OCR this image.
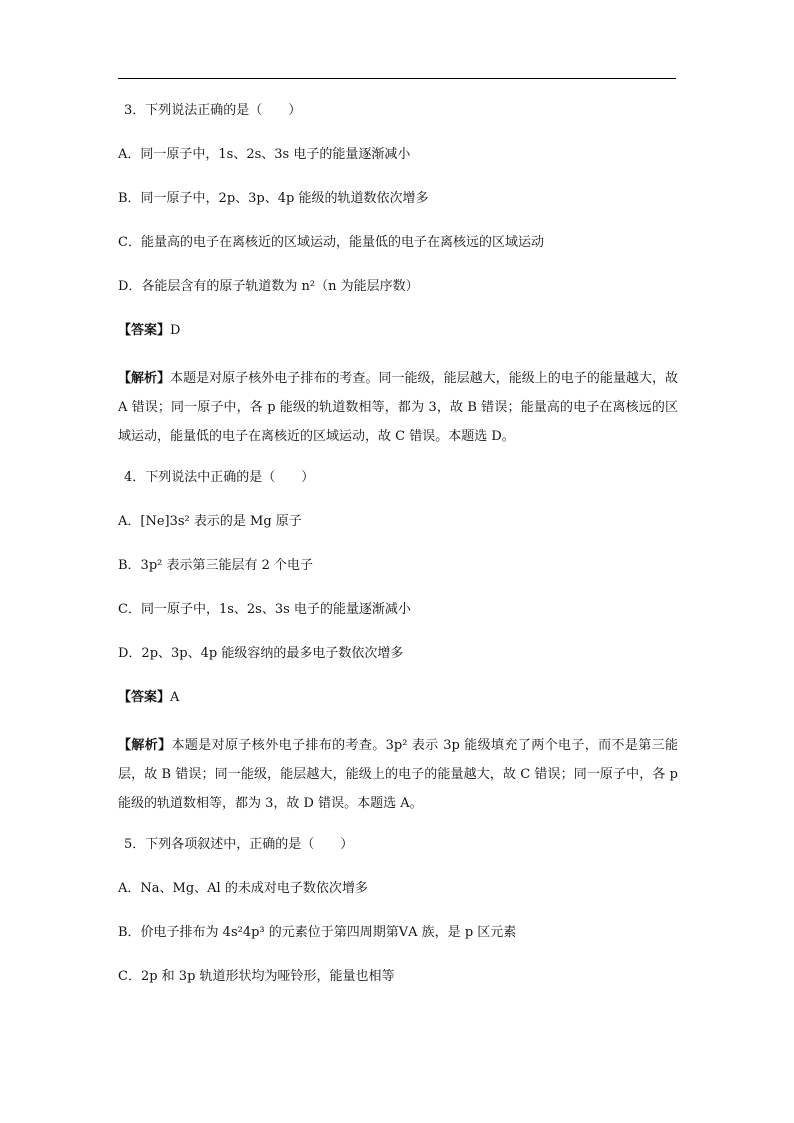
3．下列说法正确的是（　　）

A．同一原子中，1s、2s、3s 电子的能量逐渐减小

B．同一原子中，2p、3p、4p 能级的轨道数依次增多

C．能量高的电子在离核近的区域运动，能量低的电子在离核远的区域运动

D．各能层含有的原子轨道数为 n²（n 为能层序数）

【答案】D

【解析】本题是对原子核外电子排布的考查。同一能级，能层越大，能级上的电子的能量越大，故 A 错误；同一原子中，各 p 能级的轨道数相等，都为 3，故 B 错误；能量高的电子在离核远的区域运动，能量低的电子在离核近的区域运动，故 C 错误。本题选 D。

4．下列说法中正确的是（　　）

A．[Ne]3s² 表示的是 Mg 原子

B．3p² 表示第三能层有 2 个电子

C．同一原子中，1s、2s、3s 电子的能量逐渐减小

D．2p、3p、4p 能级容纳的最多电子数依次增多

【答案】A

【解析】本题是对原子核外电子排布的考查。3p² 表示 3p 能级填充了两个电子，而不是第三能层，故 B 错误；同一能级，能层越大，能级上的电子的能量越大，故 C 错误；同一原子中，各 p 能级的轨道数相等，都为 3，故 D 错误。本题选 A。

5．下列各项叙述中，正确的是（　　）

A．Na、Mg、Al 的未成对电子数依次增多

B．价电子排布为 4s²4p³ 的元素位于第四周期第ⅤA 族，是 p 区元素

C．2p 和 3p 轨道形状均为哑铃形，能量也相等
